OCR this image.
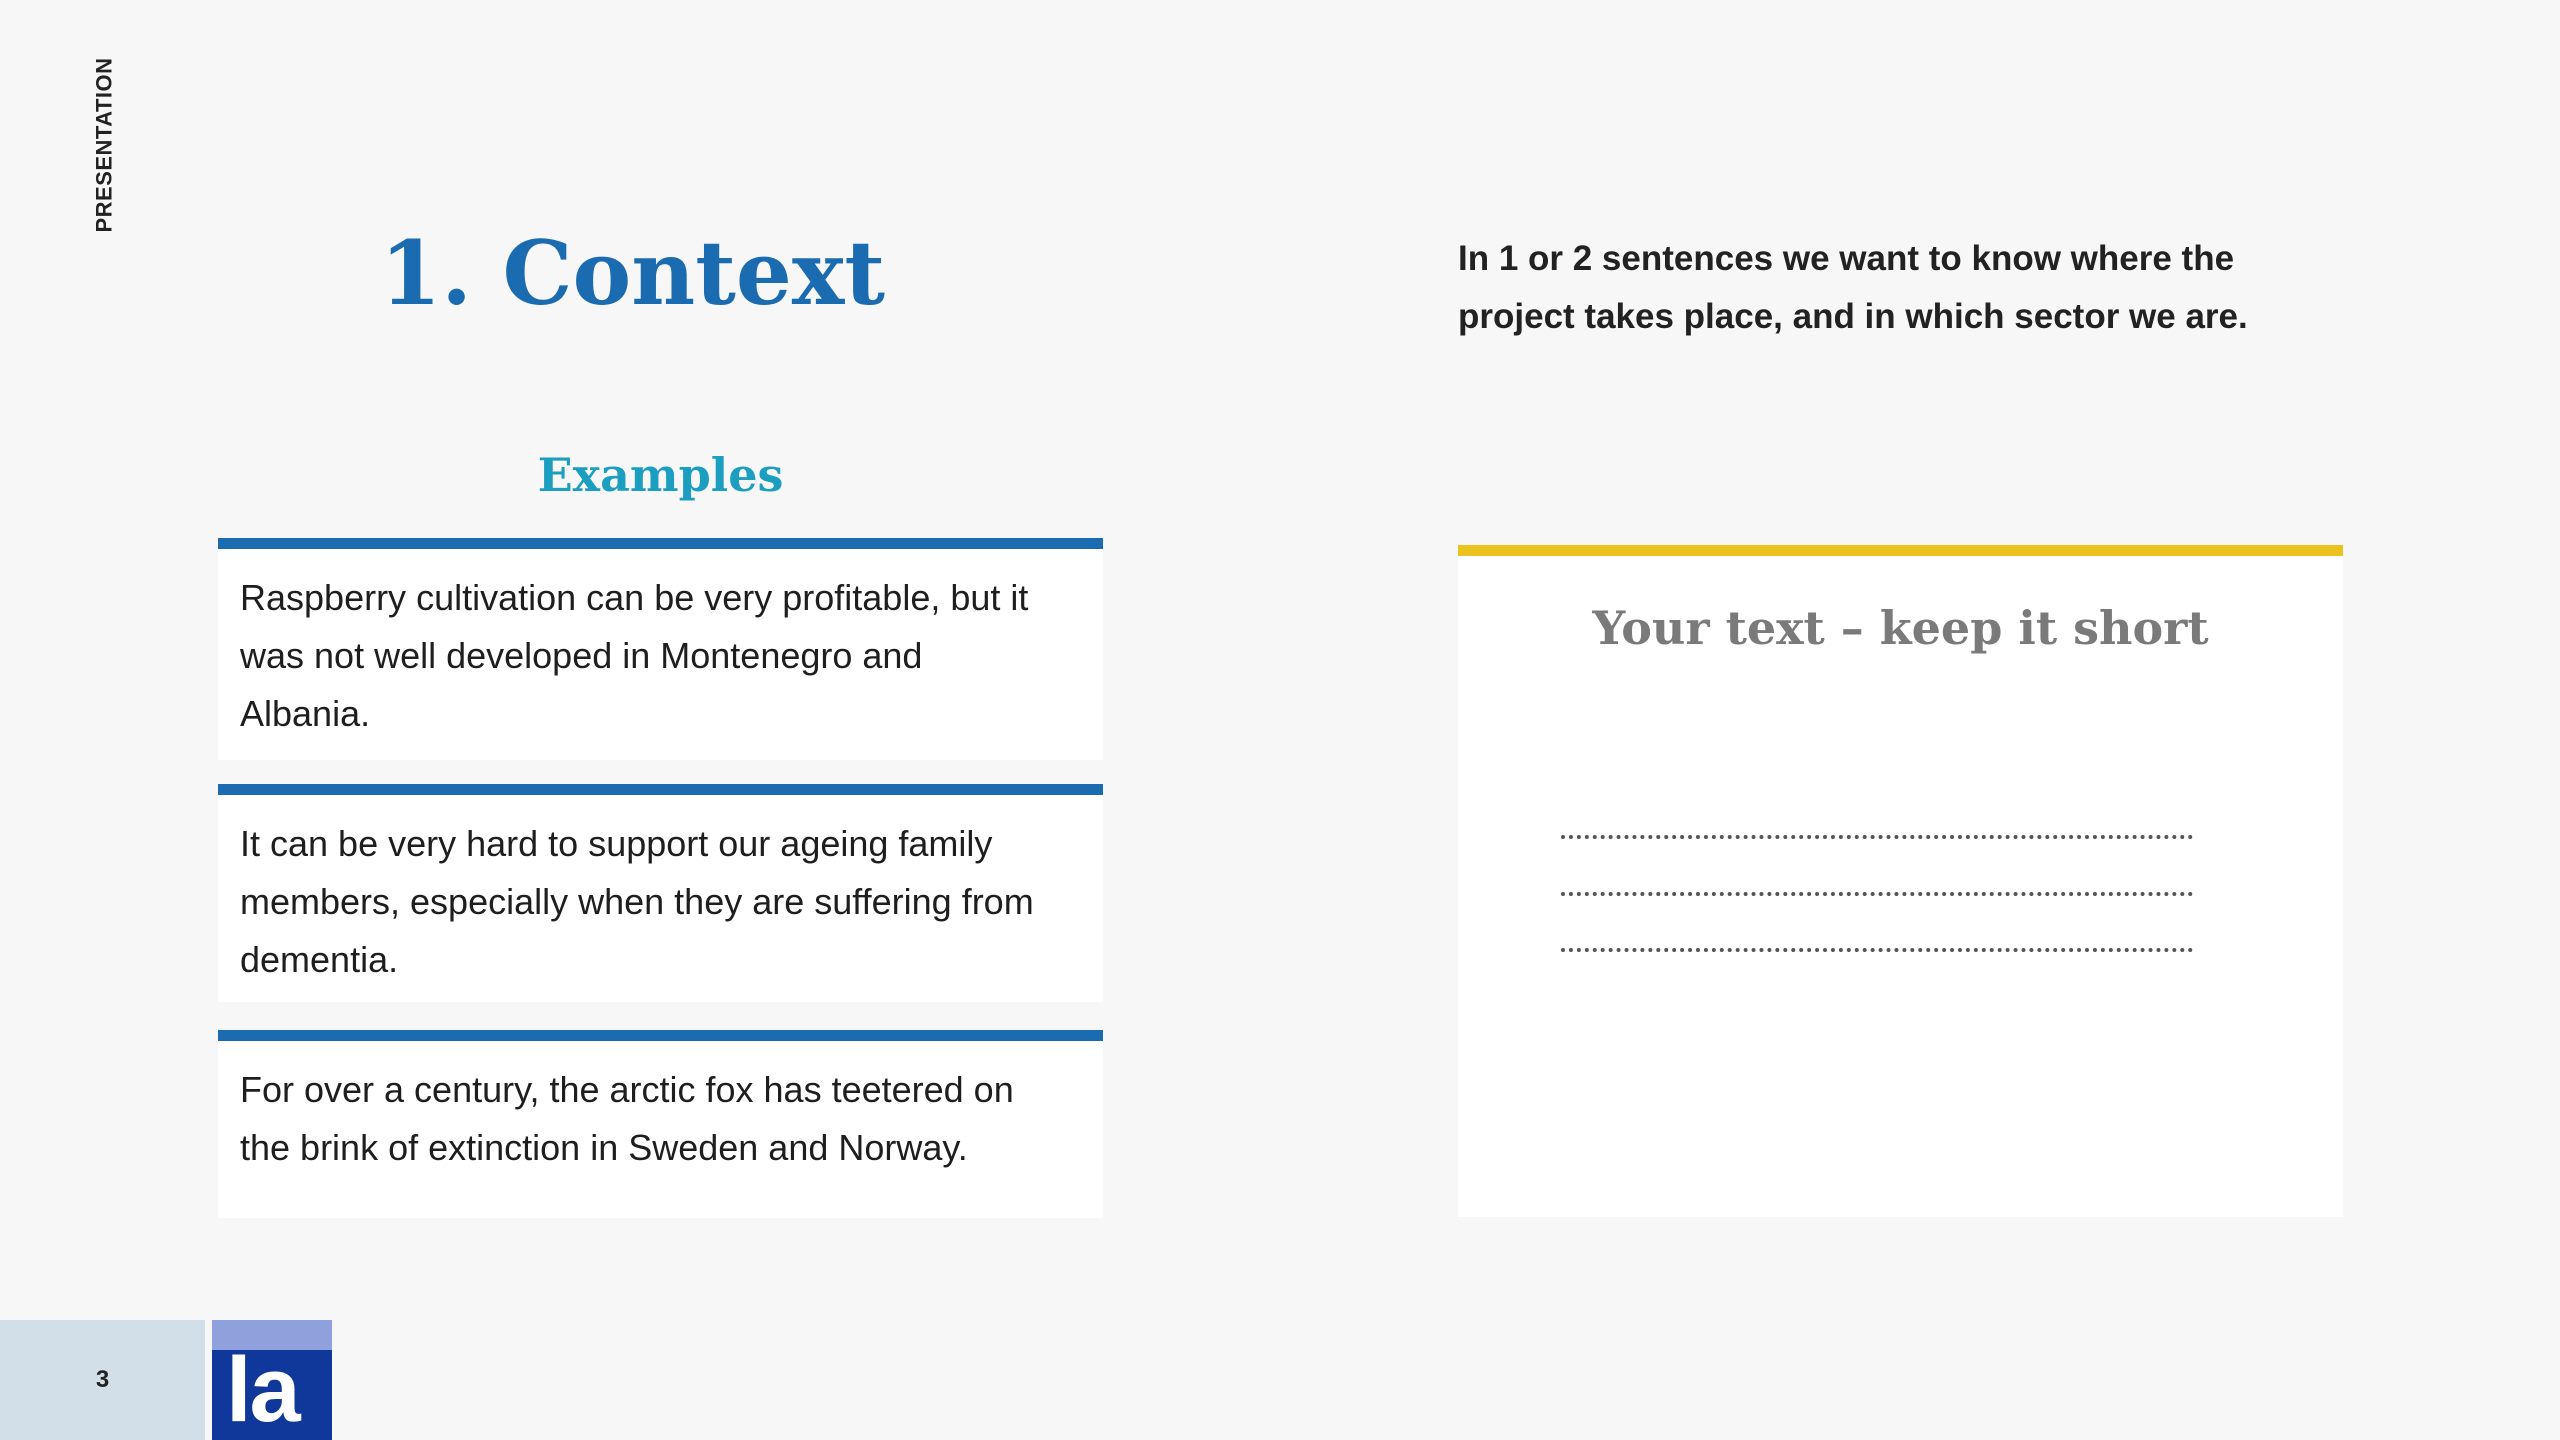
PRESENTATION
1. Context	In 1 or 2 sentences we want to know where the project takes place, and in which sector we are.

Examples

Raspberry cultivation can be very profitable, but it was not well developed in Montenegro and Albania.

It can be very hard to support our ageing family members, especially when they are suffering from dementia.

For over a century, the arctic fox has teetered on the brink of extinction in Sweden and Norway.

Your text – keep it short
3 la
